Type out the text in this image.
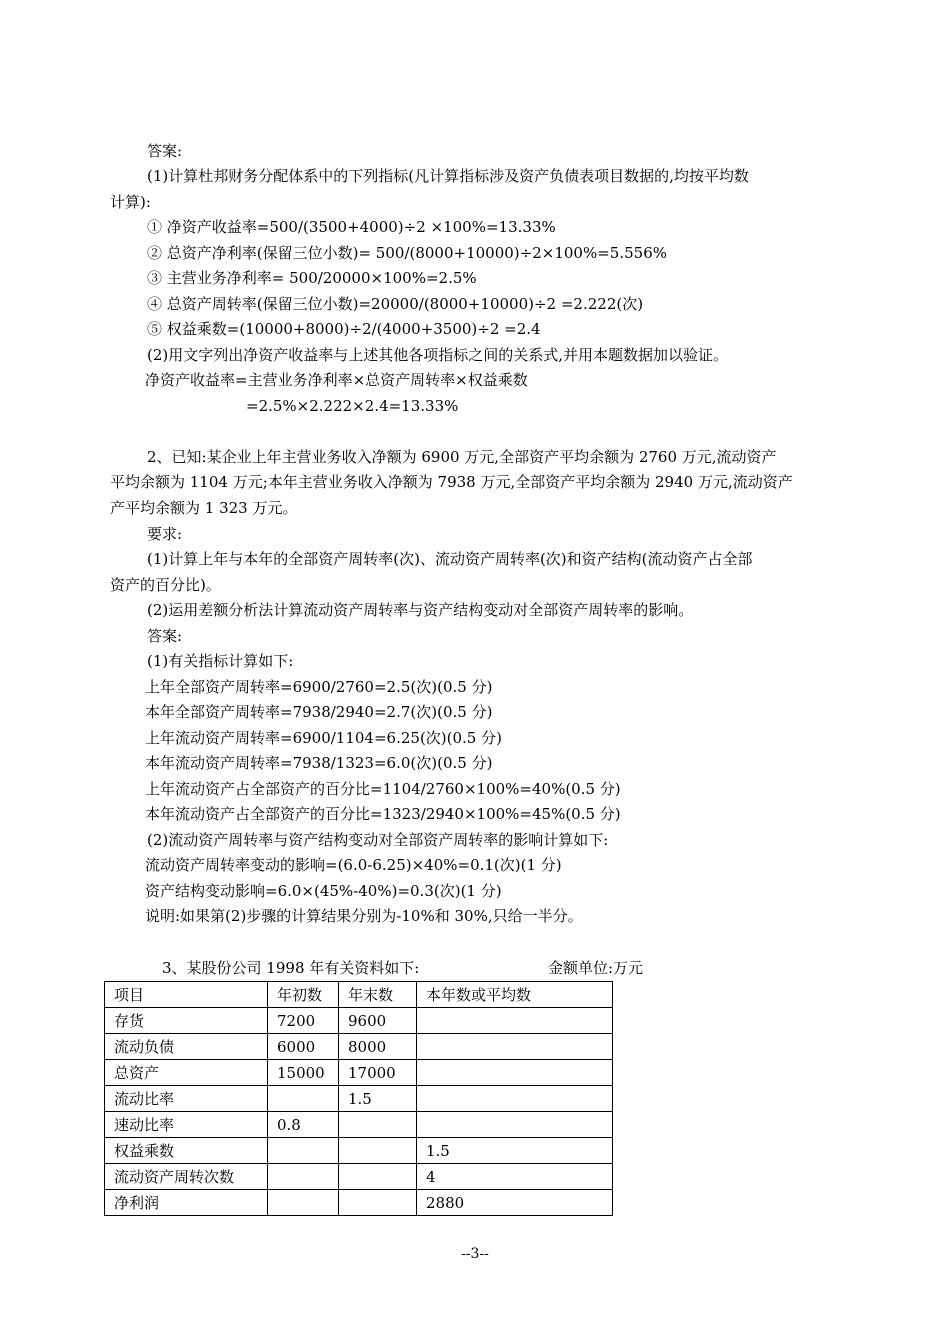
答案:
(1)计算杜邦财务分配体系中的下列指标(凡计算指标涉及资产负债表项目数据的,均按平均数
计算):
① 净资产收益率=500/(3500+4000)÷2 ×100%=13.33%
② 总资产净利率(保留三位小数)= 500/(8000+10000)÷2×100%=5.556%
③ 主营业务净利率= 500/20000×100%=2.5%
④ 总资产周转率(保留三位小数)=20000/(8000+10000)÷2 =2.222(次)
⑤ 权益乘数=(10000+8000)÷2/(4000+3500)÷2 =2.4
(2)用文字列出净资产收益率与上述其他各项指标之间的关系式,并用本题数据加以验证。
净资产收益率=主营业务净利率×总资产周转率×权益乘数
=2.5%×2.222×2.4=13.33%
2、已知:某企业上年主营业务收入净额为 6900 万元,全部资产平均余额为 2760 万元,流动资产
平均余额为 1104 万元;本年主营业务收入净额为 7938 万元,全部资产平均余额为 2940 万元,流动资产
产平均余额为 1 323 万元。
要求:
(1)计算上年与本年的全部资产周转率(次)、流动资产周转率(次)和资产结构(流动资产占全部
资产的百分比)。
(2)运用差额分析法计算流动资产周转率与资产结构变动对全部资产周转率的影响。
答案:
(1)有关指标计算如下:
上年全部资产周转率=6900/2760=2.5(次)(0.5 分)
本年全部资产周转率=7938/2940=2.7(次)(0.5 分)
上年流动资产周转率=6900/1104=6.25(次)(0.5 分)
本年流动资产周转率=7938/1323=6.0(次)(0.5 分)
上年流动资产占全部资产的百分比=1104/2760×100%=40%(0.5 分)
本年流动资产占全部资产的百分比=1323/2940×100%=45%(0.5 分)
(2)流动资产周转率与资产结构变动对全部资产周转率的影响计算如下:
流动资产周转率变动的影响=(6.0-6.25)×40%=0.1(次)(1 分)
资产结构变动影响=6.0×(45%-40%)=0.3(次)(1 分)
说明:如果第(2)步骤的计算结果分别为-10%和 30%,只给一半分。
3、某股份公司 1998 年有关资料如下:	金额单位:万元
项目	年初数	年末数	本年数或平均数
存货	7200	9600	
流动负债	6000	8000	
总资产	15000	17000	
流动比率		1.5	
速动比率	0.8		
权益乘数			1.5
流动资产周转次数			4
净利润			2880
--3--
